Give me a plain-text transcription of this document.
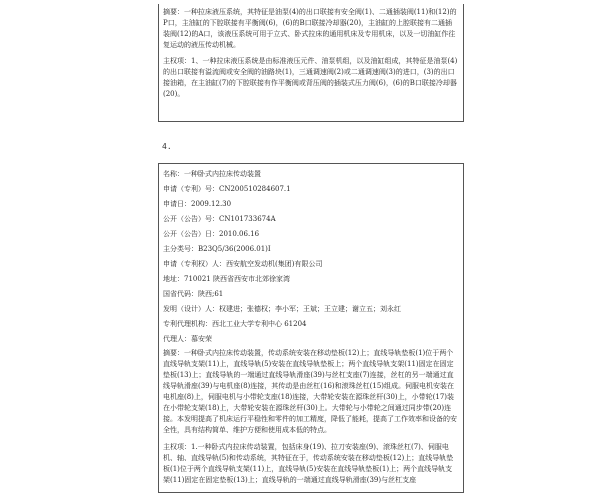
摘要：一种拉床液压系统，其特征是油泵(4)的出口联接有安全阀(1)、二通插装阀(11)和(12)的P口，主油缸的下腔联接有平衡阀(6)，(6)的B口联接冷却器(20)，主油缸的上腔联接有二通插装阀(12)的A口，该液压系统可用于立式、卧式拉床的通用机床及专用机床，以及一切油缸作往复运动的液压传动机械。

主权项：1、一种拉床液压系统是由标准液压元件、油泵机组，以及油缸组成，其特征是油泵(4)的出口联接有溢流阀或安全阀的油路块(1)，三通调速阀(2)或二通调速阀(3)的进口，(3)的出口接油箱，在主油缸(7)的下腔联接有作平衡阀或背压阀的插装式压力阀(6)，(6)的B口联接冷却器(20)。

4.
名称： 一种卧式内拉床传动装置
申请（专利）号： CN200510284607.1
申请日： 2009.12.30
公开（公告）号： CN101733674A
公开（公告）日： 2010.06.16
主分类号： B23Q5/36(2006.01)I
申请（专利权）人： 西安航空发动机(集团)有限公司
地址： 710021 陕西省西安市北郊徐家湾
国省代码： 陕西;61
发明（设计）人： 权建进；张德权；李小军；王斌；王立建；谢立五；刘永红
专利代理机构： 西北工业大学专利中心 61204
代理人： 慕安荣

摘要：一种卧式内拉床传动装置，传动系统安装在移动垫板(12)上；直线导轨垫板(1)位于两个直线导轨支架(11)上，直线导轨(5)安装在直线导轨垫板上；两个直线导轨支架(11)固定在固定垫板(13)上；直线导轨的一端通过直线导轨滑座(39)与丝杠支座(7)连接，丝杠的另一端通过直线导轨滑座(39)与电机座(8)连接，其传动是由丝杠(16)和滚珠丝杠(15)组成。伺服电机安装在电机座(8)上，伺服电机与小带轮支座(18)连接，大带轮安装在源珠丝杆(30)上，小带轮(17)装在小带轮支架(18)上，大带轮安装在源珠丝杆(30)上。大带轮与小带轮之间通过同步带(20)连接。本发明提高了机床运行平稳性和零件的加工精度，降低了能耗，提高了工作效率和设备的安全性，具有结构简单、维护方便和使用成本低的特点。

主权项：1.一种卧式内拉床传动装置，包括床身(19)、拉刀安装座(9)、滚珠丝杠(7)、伺服电机、轴、直线导轨(5)和传动系统，其特征在于，传动系统安装在移动垫板(12)上；直线导轨垫板(1)位于两个直线导轨支架(11)上，直线导轨(5)安装在直线导轨垫板(1)上；两个直线导轨支架(11)固定在固定垫板(13)上；直线导轨的一端通过直线导轨滑座(39)与丝杠支座
